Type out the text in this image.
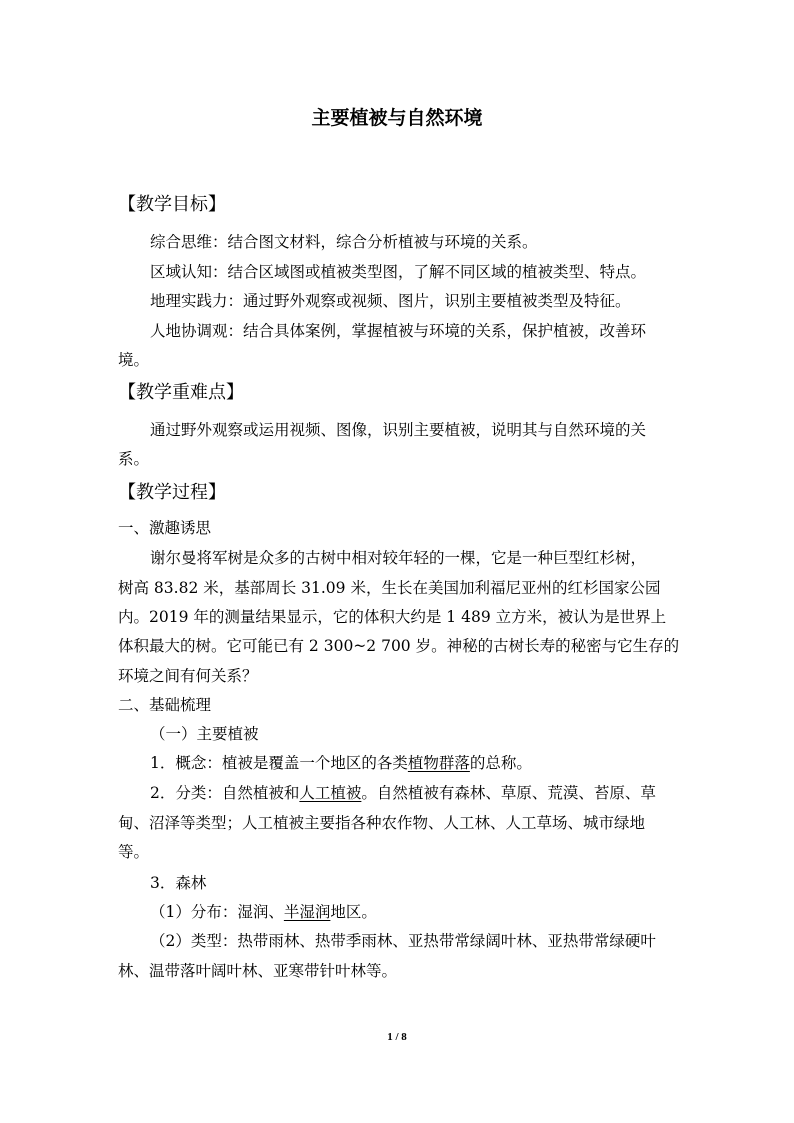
主要植被与自然环境
【教学目标】
综合思维：结合图文材料，综合分析植被与环境的关系。
区域认知：结合区域图或植被类型图，了解不同区域的植被类型、特点。
地理实践力：通过野外观察或视频、图片，识别主要植被类型及特征。
人地协调观：结合具体案例，掌握植被与环境的关系，保护植被，改善环
境。
【教学重难点】
通过野外观察或运用视频、图像，识别主要植被，说明其与自然环境的关
系。
【教学过程】
一、激趣诱思
谢尔曼将军树是众多的古树中相对较年轻的一棵，它是一种巨型红杉树，
树高 83.82 米，基部周长 31.09 米，生长在美国加利福尼亚州的红杉国家公园
内。2019 年的测量结果显示，它的体积大约是 1 489 立方米，被认为是世界上
体积最大的树。它可能已有 2 300~2 700 岁。神秘的古树长寿的秘密与它生存的
环境之间有何关系？
二、基础梳理
（一）主要植被
1．概念：植被是覆盖一个地区的各类植物群落的总称。
2．分类：自然植被和人工植被。自然植被有森林、草原、荒漠、苔原、草
甸、沼泽等类型；人工植被主要指各种农作物、人工林、人工草场、城市绿地
等。
3．森林
（1）分布：湿润、半湿润地区。
（2）类型：热带雨林、热带季雨林、亚热带常绿阔叶林、亚热带常绿硬叶
林、温带落叶阔叶林、亚寒带针叶林等。
1 / 8
